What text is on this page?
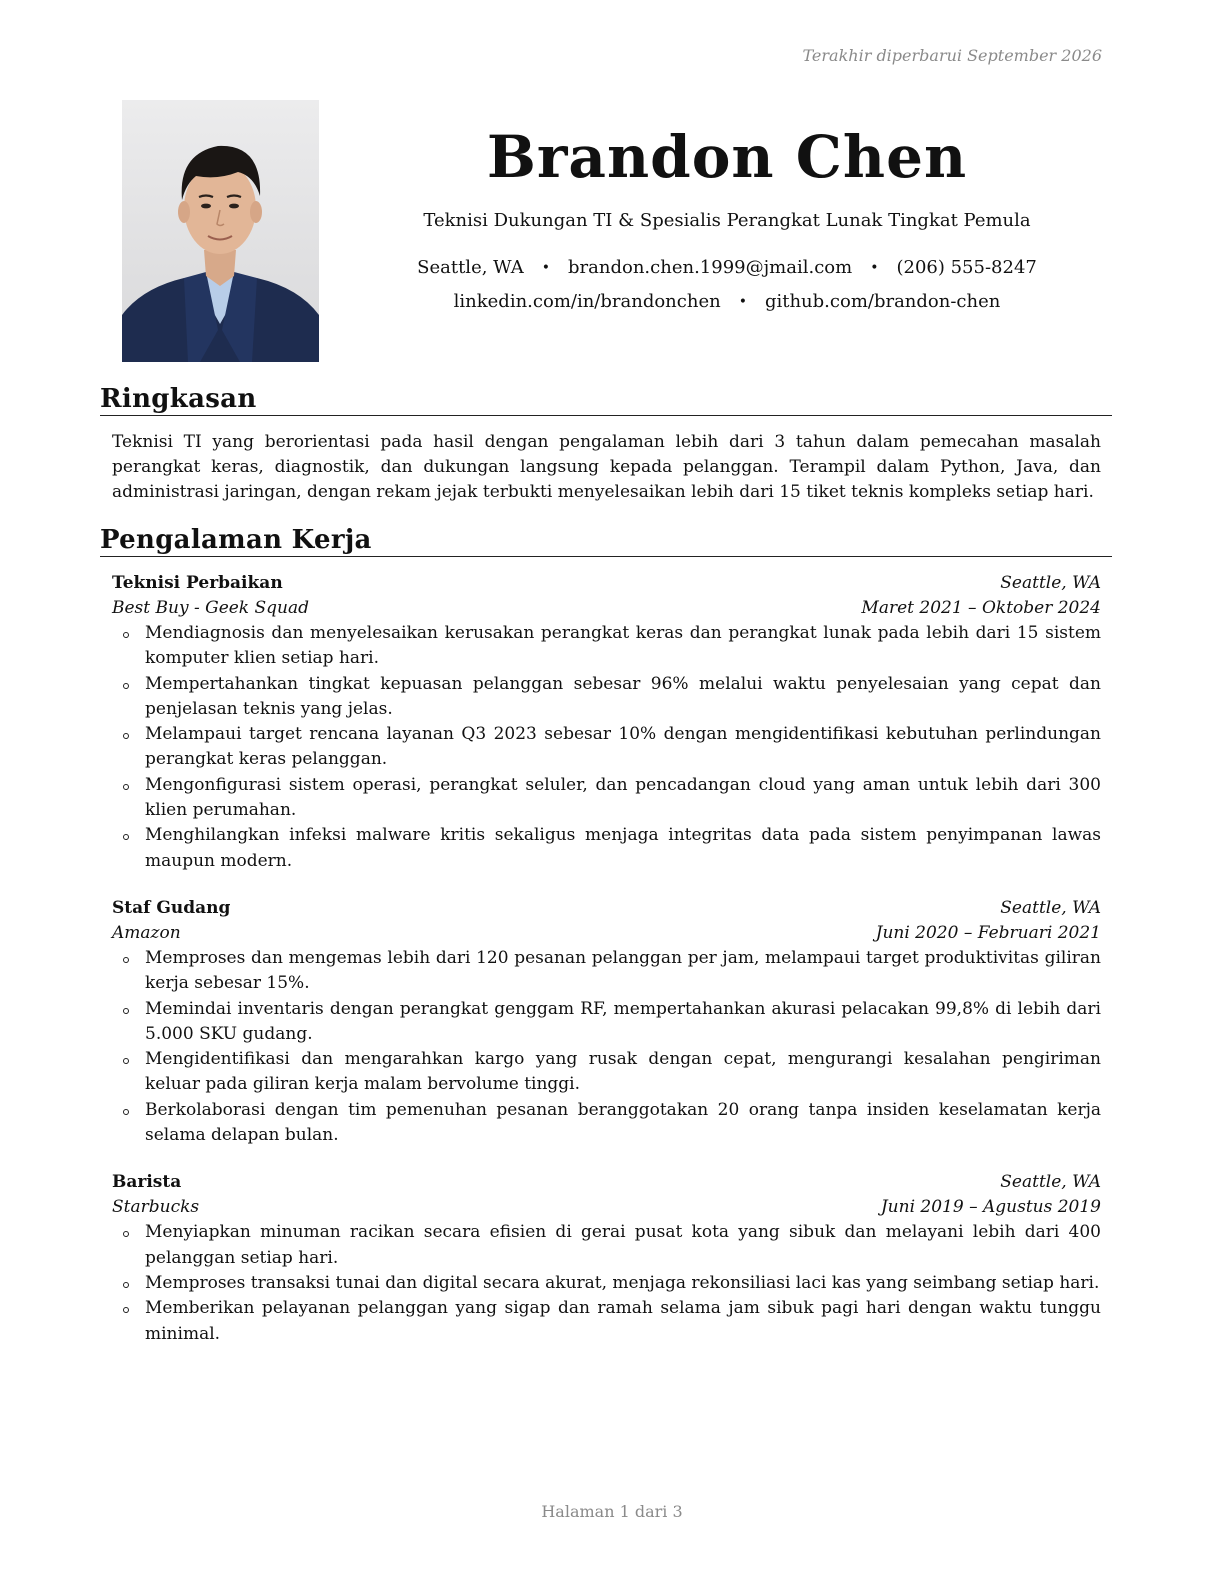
Terakhir diperbarui September 2026
Brandon Chen
Teknisi Dukungan TI & Spesialis Perangkat Lunak Tingkat Pemula
Seattle, WA • brandon.chen.1999@jmail.com • (206) 555-8247
linkedin.com/in/brandonchen • github.com/brandon-chen
Ringkasan

Teknisi TI yang berorientasi pada hasil dengan pengalaman lebih dari 3 tahun dalam pemecahan masalah perangkat keras, diagnostik, dan dukungan langsung kepada pelanggan. Terampil dalam Python, Java, dan administrasi jaringan, dengan rekam jejak terbukti menyelesaikan lebih dari 15 tiket teknis kompleks setiap hari.

Pengalaman Kerja
Teknisi Perbaikan	Seattle, WA
Best Buy - Geek Squad	Maret 2021 – Oktober 2024
Mendiagnosis dan menyelesaikan kerusakan perangkat keras dan perangkat lunak pada lebih dari 15 sistem komputer klien setiap hari.
Mempertahankan tingkat kepuasan pelanggan sebesar 96% melalui waktu penyelesaian yang cepat dan penjelasan teknis yang jelas.
Melampaui target rencana layanan Q3 2023 sebesar 10% dengan mengidentifikasi kebutuhan perlindungan perangkat keras pelanggan.
Mengonfigurasi sistem operasi, perangkat seluler, dan pencadangan cloud yang aman untuk lebih dari 300 klien perumahan.
Menghilangkan infeksi malware kritis sekaligus menjaga integritas data pada sistem penyimpanan lawas maupun modern.
Staf Gudang	Seattle, WA
Amazon	Juni 2020 – Februari 2021
Memproses dan mengemas lebih dari 120 pesanan pelanggan per jam, melampaui target produktivitas giliran kerja sebesar 15%.
Memindai inventaris dengan perangkat genggam RF, mempertahankan akurasi pelacakan 99,8% di lebih dari 5.000 SKU gudang.
Mengidentifikasi dan mengarahkan kargo yang rusak dengan cepat, mengurangi kesalahan pengiriman keluar pada giliran kerja malam bervolume tinggi.
Berkolaborasi dengan tim pemenuhan pesanan beranggotakan 20 orang tanpa insiden keselamatan kerja selama delapan bulan.
Barista	Seattle, WA
Starbucks	Juni 2019 – Agustus 2019
Menyiapkan minuman racikan secara efisien di gerai pusat kota yang sibuk dan melayani lebih dari 400 pelanggan setiap hari.
Memproses transaksi tunai dan digital secara akurat, menjaga rekonsiliasi laci kas yang seimbang setiap hari.
Memberikan pelayanan pelanggan yang sigap dan ramah selama jam sibuk pagi hari dengan waktu tunggu minimal.
Halaman 1 dari 3
